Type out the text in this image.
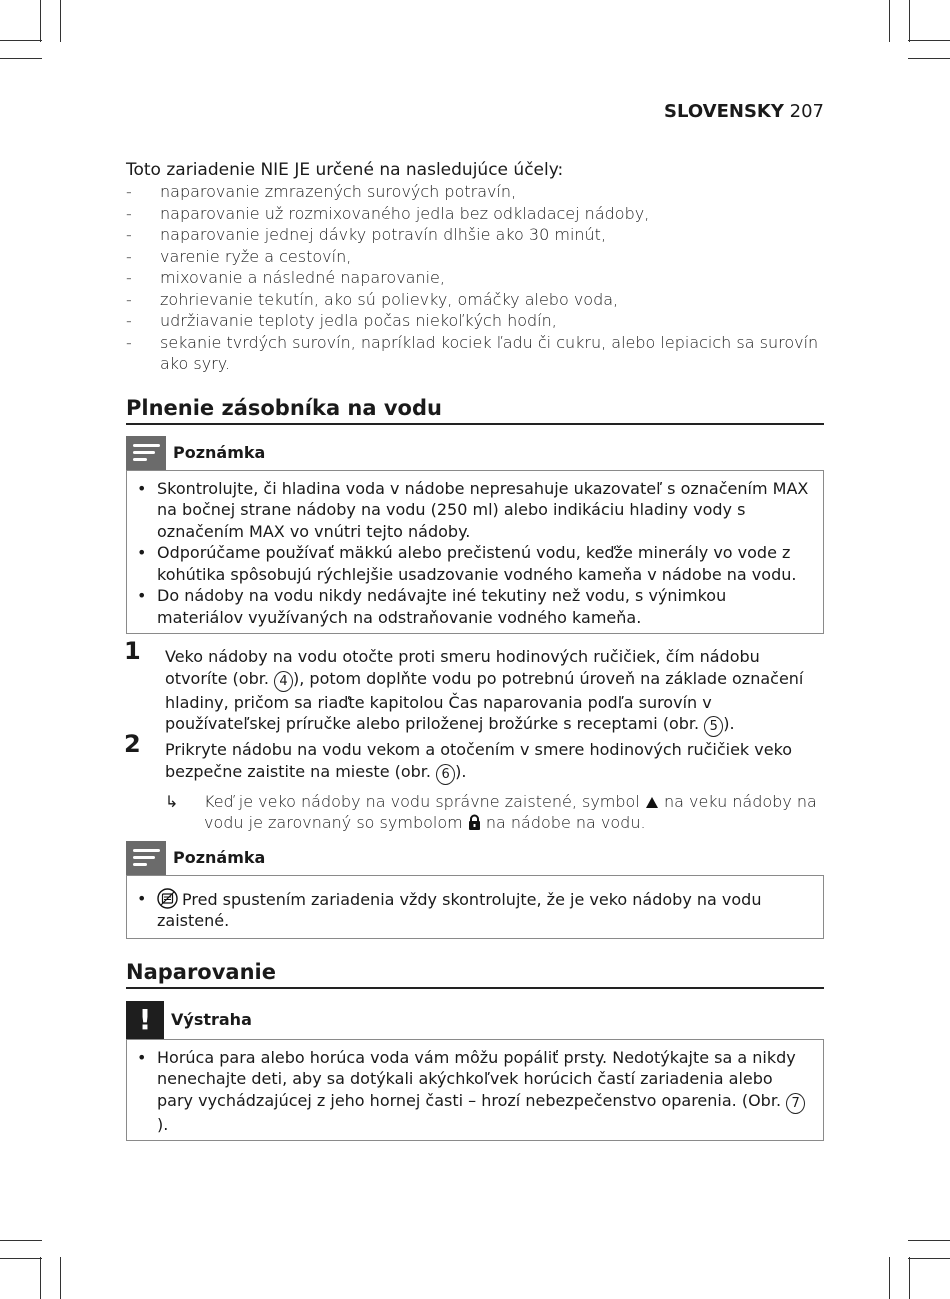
SLOVENSKY 207

Toto zariadenie NIE JE určené na nasledujúce účely:

- naparovanie zmrazených surových potravín,
- naparovanie už rozmixovaného jedla bez odkladacej nádoby,
- naparovanie jednej dávky potravín dlhšie ako 30 minút,
- varenie ryže a cestovín,
- mixovanie a následné naparovanie,
- zohrievanie tekutín, ako sú polievky, omáčky alebo voda,
- udržiavanie teploty jedla počas niekoľkých hodín,
- sekanie tvrdých surovín, napríklad kociek ľadu či cukru, alebo lepiacich sa surovín ako syry.
Plnenie zásobníka na vodu
Poznámka
• Skontrolujte, či hladina voda v nádobe nepresahuje ukazovateľ s označením MAX na bočnej strane nádoby na vodu (250 ml) alebo indikáciu hladiny vody s označením MAX vo vnútri tejto nádoby.
• Odporúčame používať mäkkú alebo prečistenú vodu, keďže minerály vo vode z kohútika spôsobujú rýchlejšie usadzovanie vodného kameňa v nádobe na vodu.
• Do nádoby na vodu nikdy nedávajte iné tekutiny než vodu, s výnimkou materiálov využívaných na odstraňovanie vodného kameňa.
1 Veko nádoby na vodu otočte proti smeru hodinových ručičiek, čím nádobu otvoríte (obr. 4 ), potom doplňte vodu po potrebnú úroveň na základe označení hladiny, pričom sa riaďte kapitolou Čas naparovania podľa surovín v používateľskej príručke alebo priloženej brožúrke s receptami (obr. 5 ).
2 Prikryte nádobu na vodu vekom a otočením v smere hodinových ručičiek veko bezpečne zaistite na mieste (obr. 6 ).
↳ Keď je veko nádoby na vodu správne zaistené, symbol  na veku nádoby na vodu je zarovnaný so symbolom  na nádobe na vodu.
Poznámka
• Pred spustením zariadenia vždy skontrolujte, že je veko nádoby na vodu zaistené.
Naparovanie
!	Výstraha
• Horúca para alebo horúca voda vám môžu popáliť prsty. Nedotýkajte sa a nikdy nenechajte deti, aby sa dotýkali akýchkoľvek horúcich častí zariadenia alebo pary vychádzajúcej z jeho hornej časti – hrozí nebezpečenstvo oparenia. (Obr. 7).
